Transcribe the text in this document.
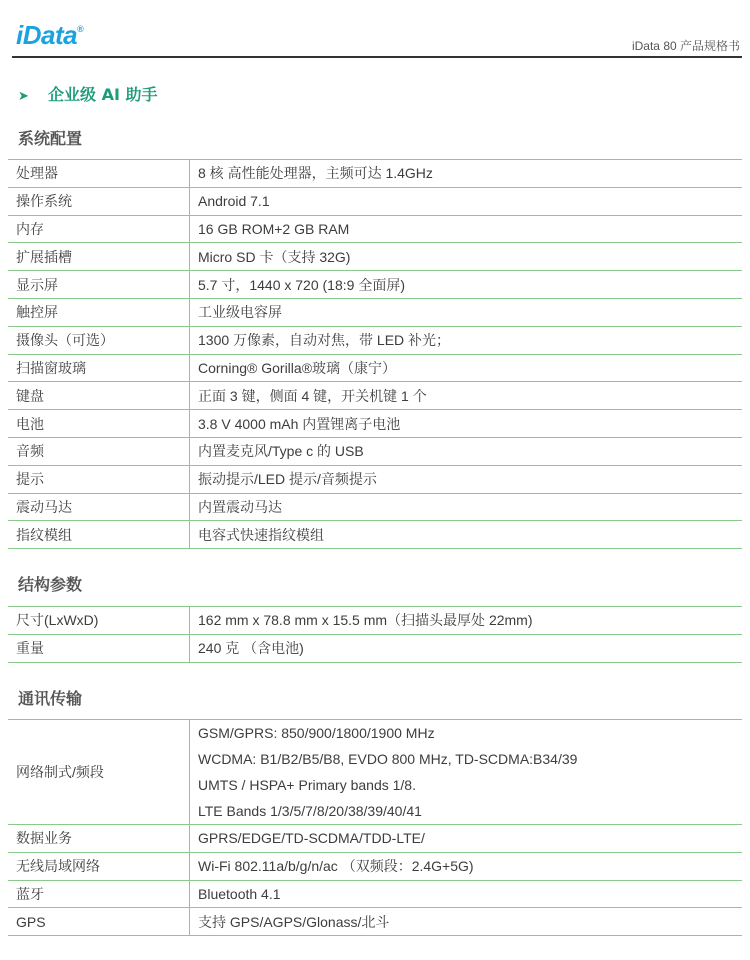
iData®
iData 80 产品规格书
➤ 企业级 AI 助手
系统配置
处理器	8 核 高性能处理器，主频可达 1.4GHz
操作系统	Android 7.1
内存	16 GB ROM+2 GB RAM
扩展插槽	Micro SD 卡（支持 32G)
显示屏	5.7 寸，1440 x 720 (18:9 全面屏)
触控屏	工业级电容屏
摄像头（可选）	1300 万像素，自动对焦，带 LED 补光；
扫描窗玻璃	Corning® Gorilla®玻璃（康宁）
键盘	正面 3 键，侧面 4 键，开关机键 1 个
电池	3.8 V 4000 mAh 内置锂离子电池
音频	内置麦克风/Type c 的 USB
提示	振动提示/LED 提示/音频提示
震动马达	内置震动马达
指纹模组	电容式快速指纹模组
结构参数
尺寸(LxWxD)	162 mm x 78.8 mm x 15.5 mm（扫描头最厚处 22mm)
重量	240 克 （含电池)
通讯传输
网络制式/频段	GSM/GPRS: 850/900/1800/1900 MHz
WCDMA: B1/B2/B5/B8, EVDO 800 MHz, TD-SCDMA:B34/39
UMTS / HSPA+ Primary bands 1/8.
LTE Bands 1/3/5/7/8/20/38/39/40/41

数据业务	GPRS/EDGE/TD-SCDMA/TDD-LTE/
无线局域网络	Wi-Fi 802.11a/b/g/n/ac （双频段：2.4G+5G)
蓝牙	Bluetooth 4.1
GPS	支持 GPS/AGPS/Glonass/北斗
